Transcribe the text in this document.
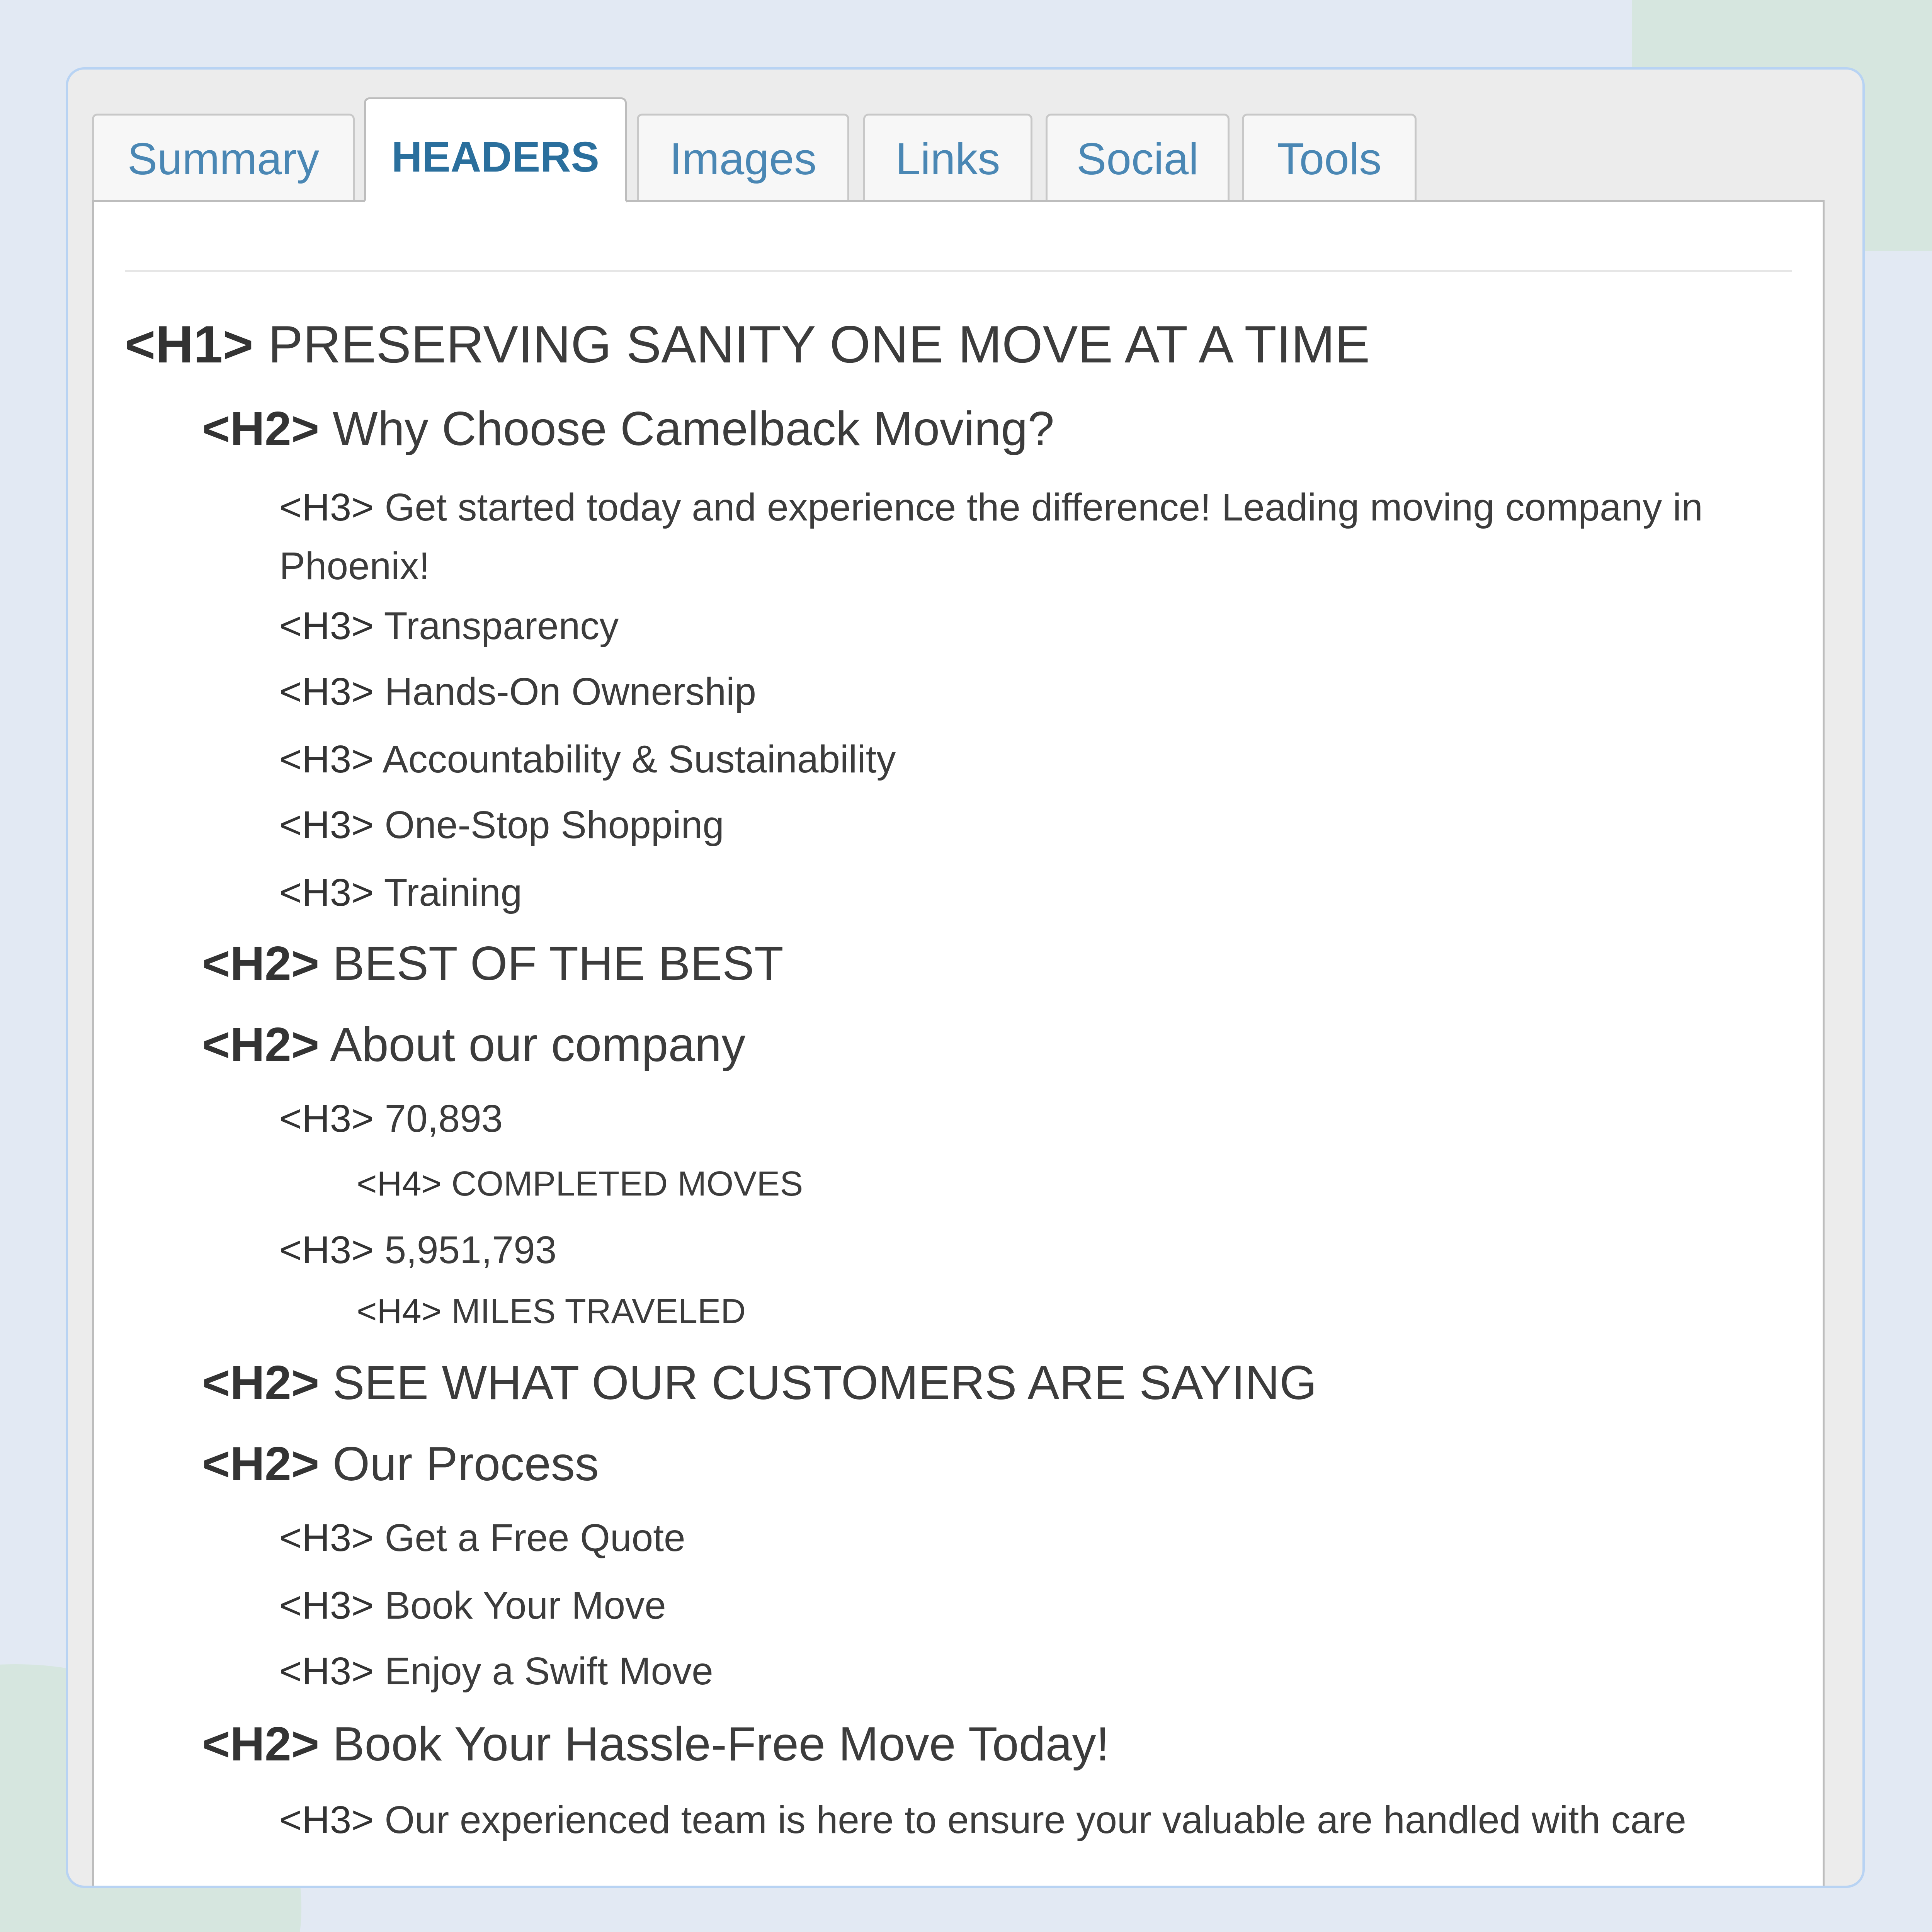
Summary	HEADERS	Images	Links	Social	Tools
<H1> PRESERVING SANITY ONE MOVE AT A TIME
<H2> Why Choose Camelback Moving?
<H3> Get started today and experience the difference! Leading moving company in Phoenix!
<H3> Transparency
<H3> Hands-On Ownership
<H3> Accountability & Sustainability
<H3> One-Stop Shopping
<H3> Training
<H2> BEST OF THE BEST
<H2> About our company
<H3> 70,893
<H4> COMPLETED MOVES
<H3> 5,951,793
<H4> MILES TRAVELED
<H2> SEE WHAT OUR CUSTOMERS ARE SAYING
<H2> Our Process
<H3> Get a Free Quote
<H3> Book Your Move
<H3> Enjoy a Swift Move
<H2> Book Your Hassle-Free Move Today!
<H3> Our experienced team is here to ensure your valuable are handled with care
